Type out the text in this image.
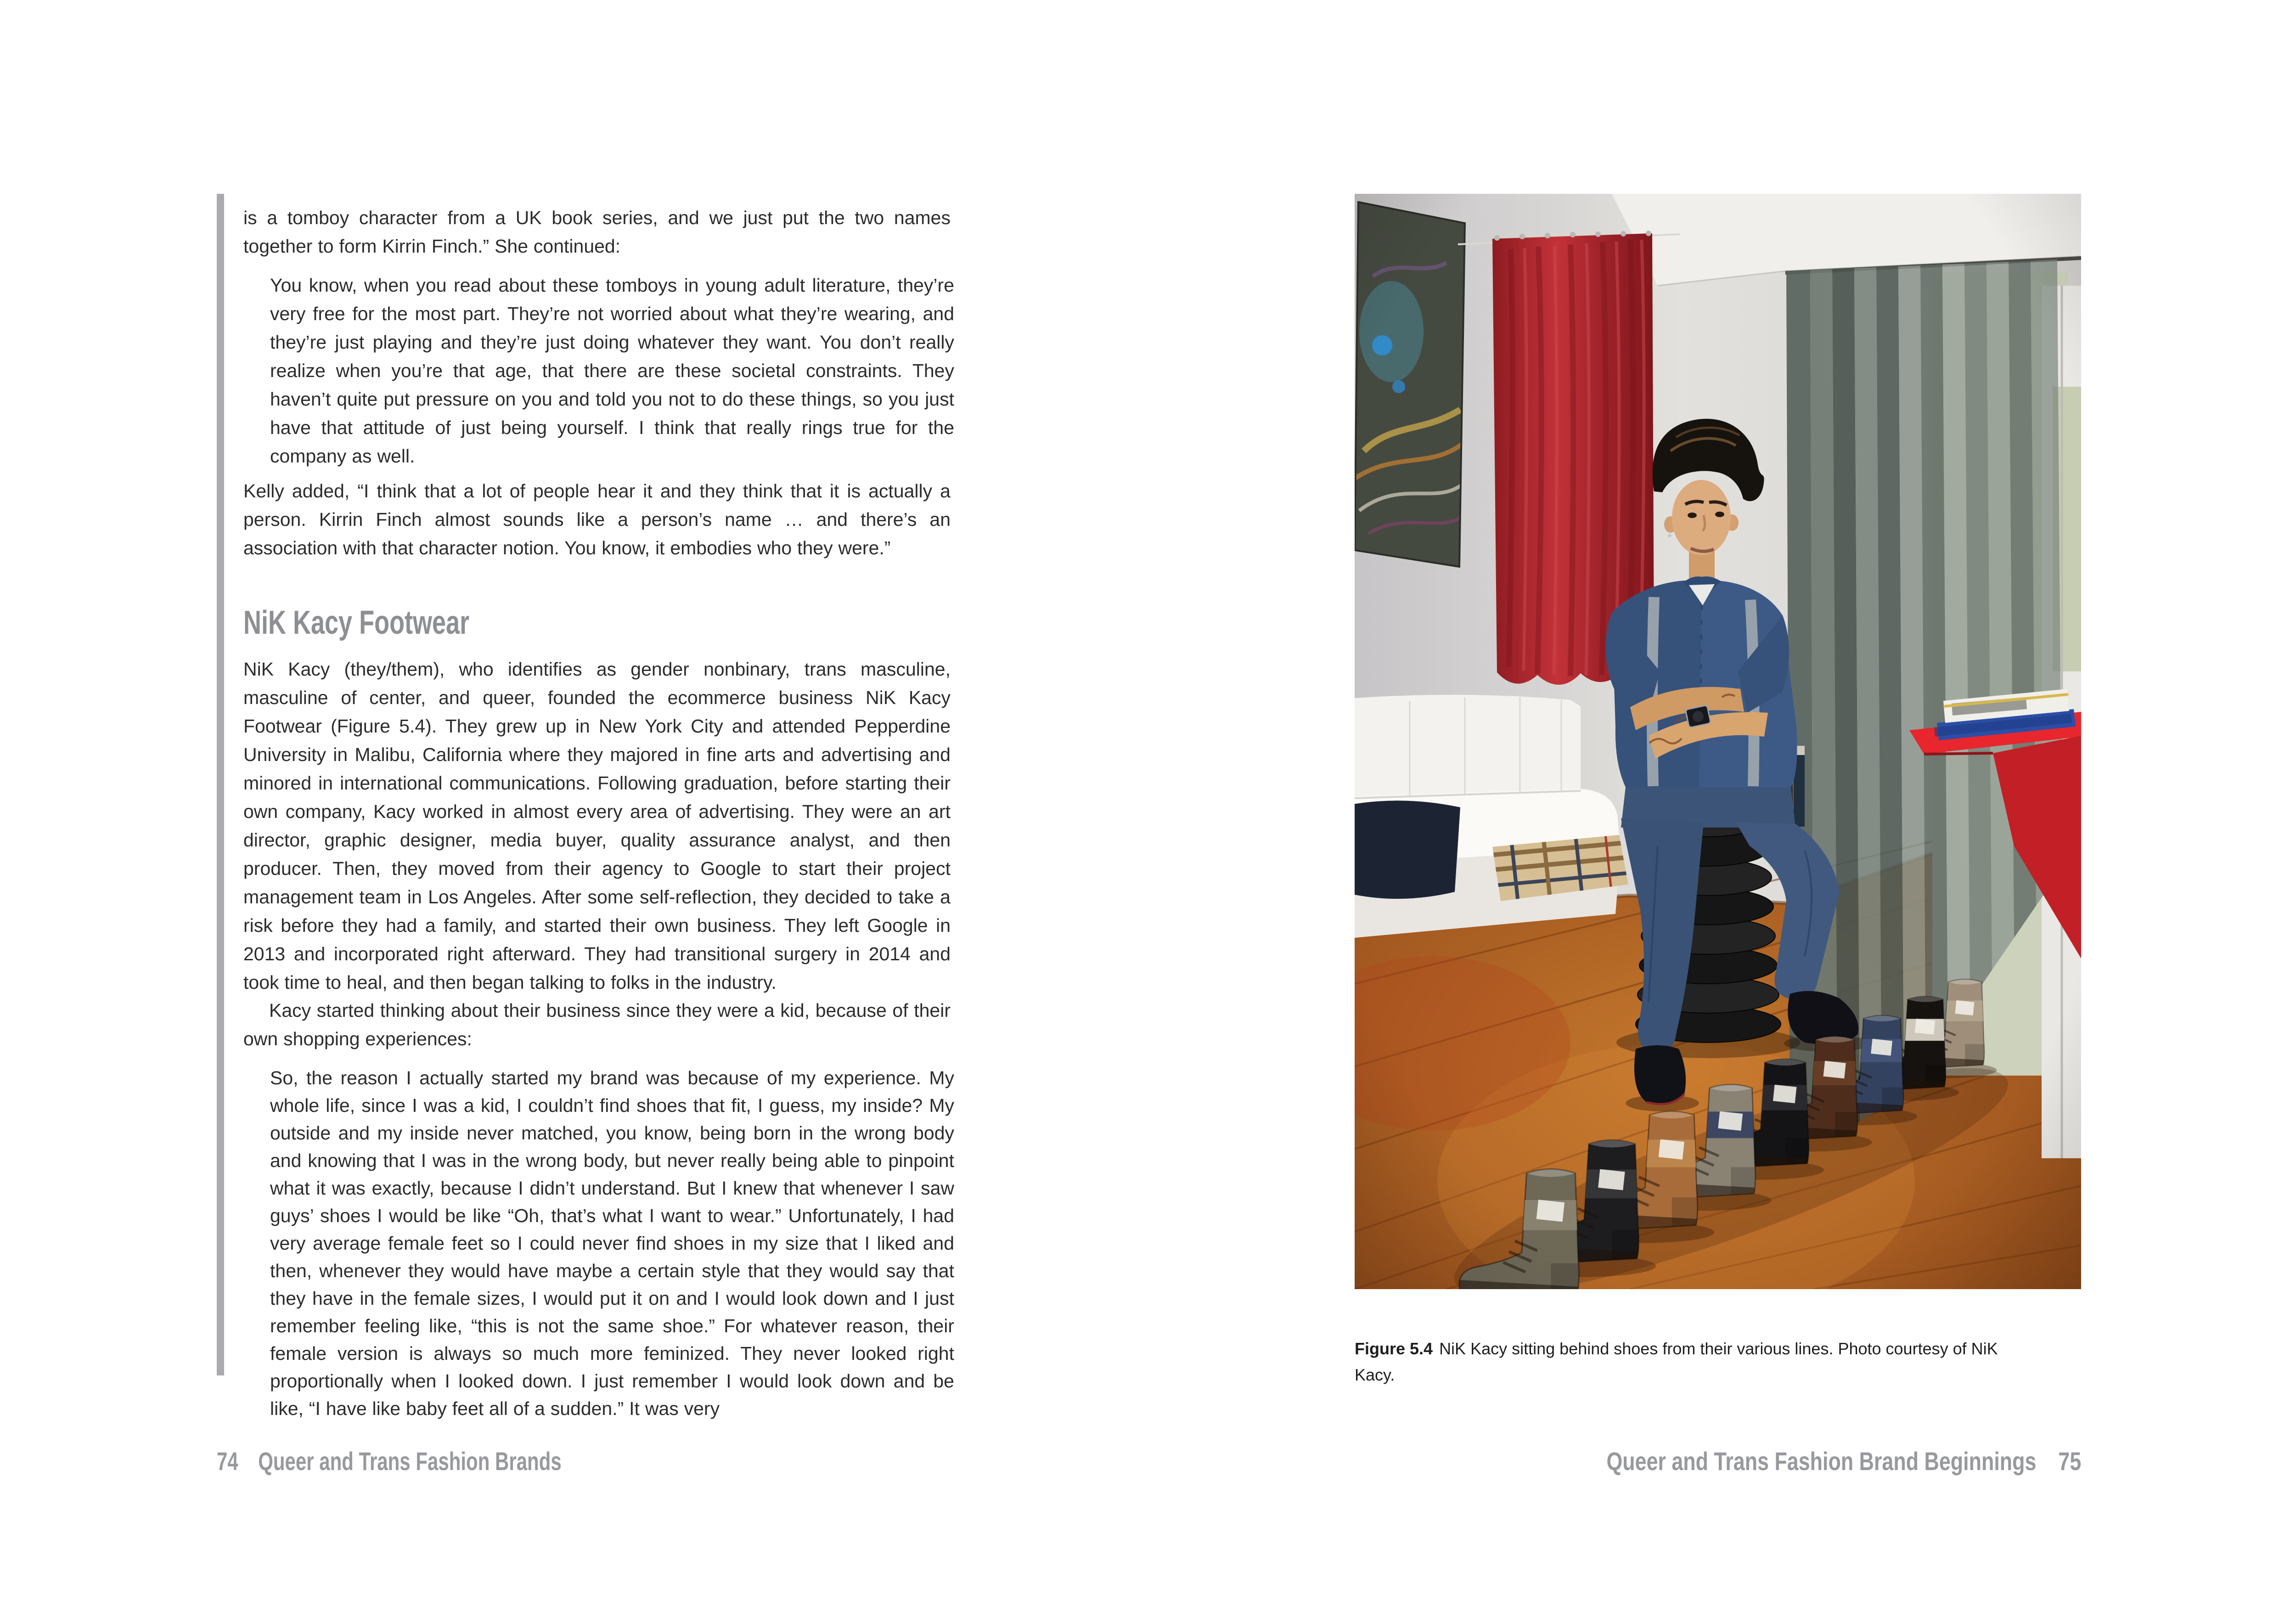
is a tomboy character from a UK book series, and we just put the two names together to form Kirrin Finch.” She continued:

You know, when you read about these tomboys in young adult literature, they’re very free for the most part. They’re not worried about what they’re wearing, and they’re just playing and they’re just doing whatever they want. You don’t really realize when you’re that age, that there are these societal constraints. They haven’t quite put pressure on you and told you not to do these things, so you just have that attitude of just being yourself. I think that really rings true for the company as well.

Kelly added, “I think that a lot of people hear it and they think that it is actually a person. Kirrin Finch almost sounds like a person’s name … and there’s an association with that character notion. You know, it embodies who they were.”

NiK Kacy Footwear

NiK Kacy (they/them), who identifies as gender nonbinary, trans masculine, masculine of center, and queer, founded the ecommerce business NiK Kacy Footwear (Figure 5.4). They grew up in New York City and attended Pepperdine University in Malibu, California where they majored in fine arts and advertising and minored in international communications. Following graduation, before starting their own company, Kacy worked in almost every area of advertising. They were an art director, graphic designer, media buyer, quality assurance analyst, and then producer. Then, they moved from their agency to Google to start their project management team in Los Angeles. After some self-reflection, they decided to take a risk before they had a family, and started their own business. They left Google in 2013 and incorporated right afterward. They had transitional surgery in 2014 and took time to heal, and then began talking to folks in the industry.

Kacy started thinking about their business since they were a kid, because of their own shopping experiences:

So, the reason I actually started my brand was because of my experience. My whole life, since I was a kid, I couldn’t find shoes that fit, I guess, my inside? My outside and my inside never matched, you know, being born in the wrong body and knowing that I was in the wrong body, but never really being able to pinpoint what it was exactly, because I didn’t understand. But I knew that whenever I saw guys’ shoes I would be like “Oh, that’s what I want to wear.” Unfortunately, I had very average female feet so I could never find shoes in my size that I liked and then, whenever they would have maybe a certain style that they would say that they have in the female sizes, I would put it on and I would look down and I just remember feeling like, “this is not the same shoe.” For whatever reason, their female version is always so much more feminized. They never looked right proportionally when I looked down. I just remember I would look down and be like, “I have like baby feet all of a sudden.” It was very

74 Queer and Trans Fashion Brands

Figure 5.4 NiK Kacy sitting behind shoes from their various lines. Photo courtesy of NiK Kacy.

Queer and Trans Fashion Brand Beginnings 75
